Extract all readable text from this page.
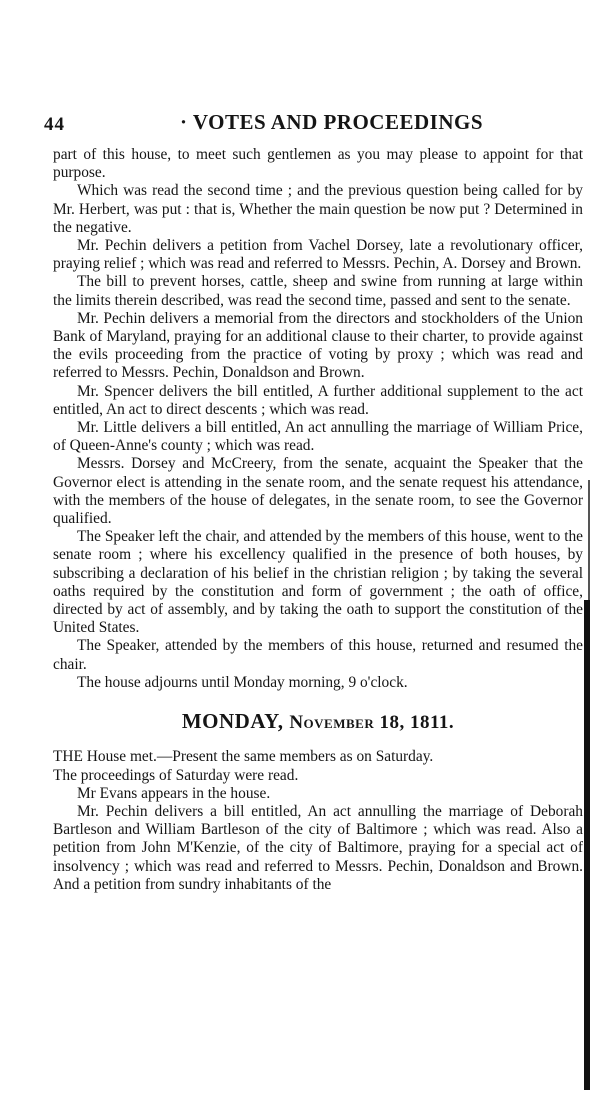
44	· VOTES AND PROCEEDINGS

part of this house, to meet such gentlemen as you may please to appoint for that purpose.

Which was read the second time ; and the previous question being called for by Mr. Herbert, was put : that is, Whether the main question be now put ? Determined in the negative.

Mr. Pechin delivers a petition from Vachel Dorsey, late a revolutionary officer, praying relief ; which was read and referred to Messrs. Pechin, A. Dorsey and Brown.

The bill to prevent horses, cattle, sheep and swine from running at large within the limits therein described, was read the second time, passed and sent to the senate.

Mr. Pechin delivers a memorial from the directors and stockholders of the Union Bank of Maryland, praying for an additional clause to their charter, to provide against the evils proceeding from the practice of voting by proxy ; which was read and referred to Messrs. Pechin, Donaldson and Brown.

Mr. Spencer delivers the bill entitled, A further additional supplement to the act entitled, An act to direct descents ; which was read.

Mr. Little delivers a bill entitled, An act annulling the marriage of William Price, of Queen-Anne's county ; which was read.

Messrs. Dorsey and McCreery, from the senate, acquaint the Speaker that the Governor elect is attending in the senate room, and the senate request his attendance, with the members of the house of delegates, in the senate room, to see the Governor qualified.

The Speaker left the chair, and attended by the members of this house, went to the senate room ; where his excellency qualified in the presence of both houses, by subscribing a declaration of his belief in the christian religion ; by taking the several oaths required by the constitution and form of government ; the oath of office, directed by act of assembly, and by taking the oath to support the constitution of the United States.

The Speaker, attended by the members of this house, returned and resumed the chair.

The house adjourns until Monday morning, 9 o'clock.

MONDAY, November 18, 1811.

THE House met.—Present the same members as on Saturday.

The proceedings of Saturday were read.

Mr Evans appears in the house.

Mr. Pechin delivers a bill entitled, An act annulling the marriage of Deborah Bartleson and William Bartleson of the city of Baltimore ; which was read. Also a petition from John M'Kenzie, of the city of Baltimore, praying for a special act of insolvency ; which was read and referred to Messrs. Pechin, Donaldson and Brown. And a petition from sundry inhabitants of the
